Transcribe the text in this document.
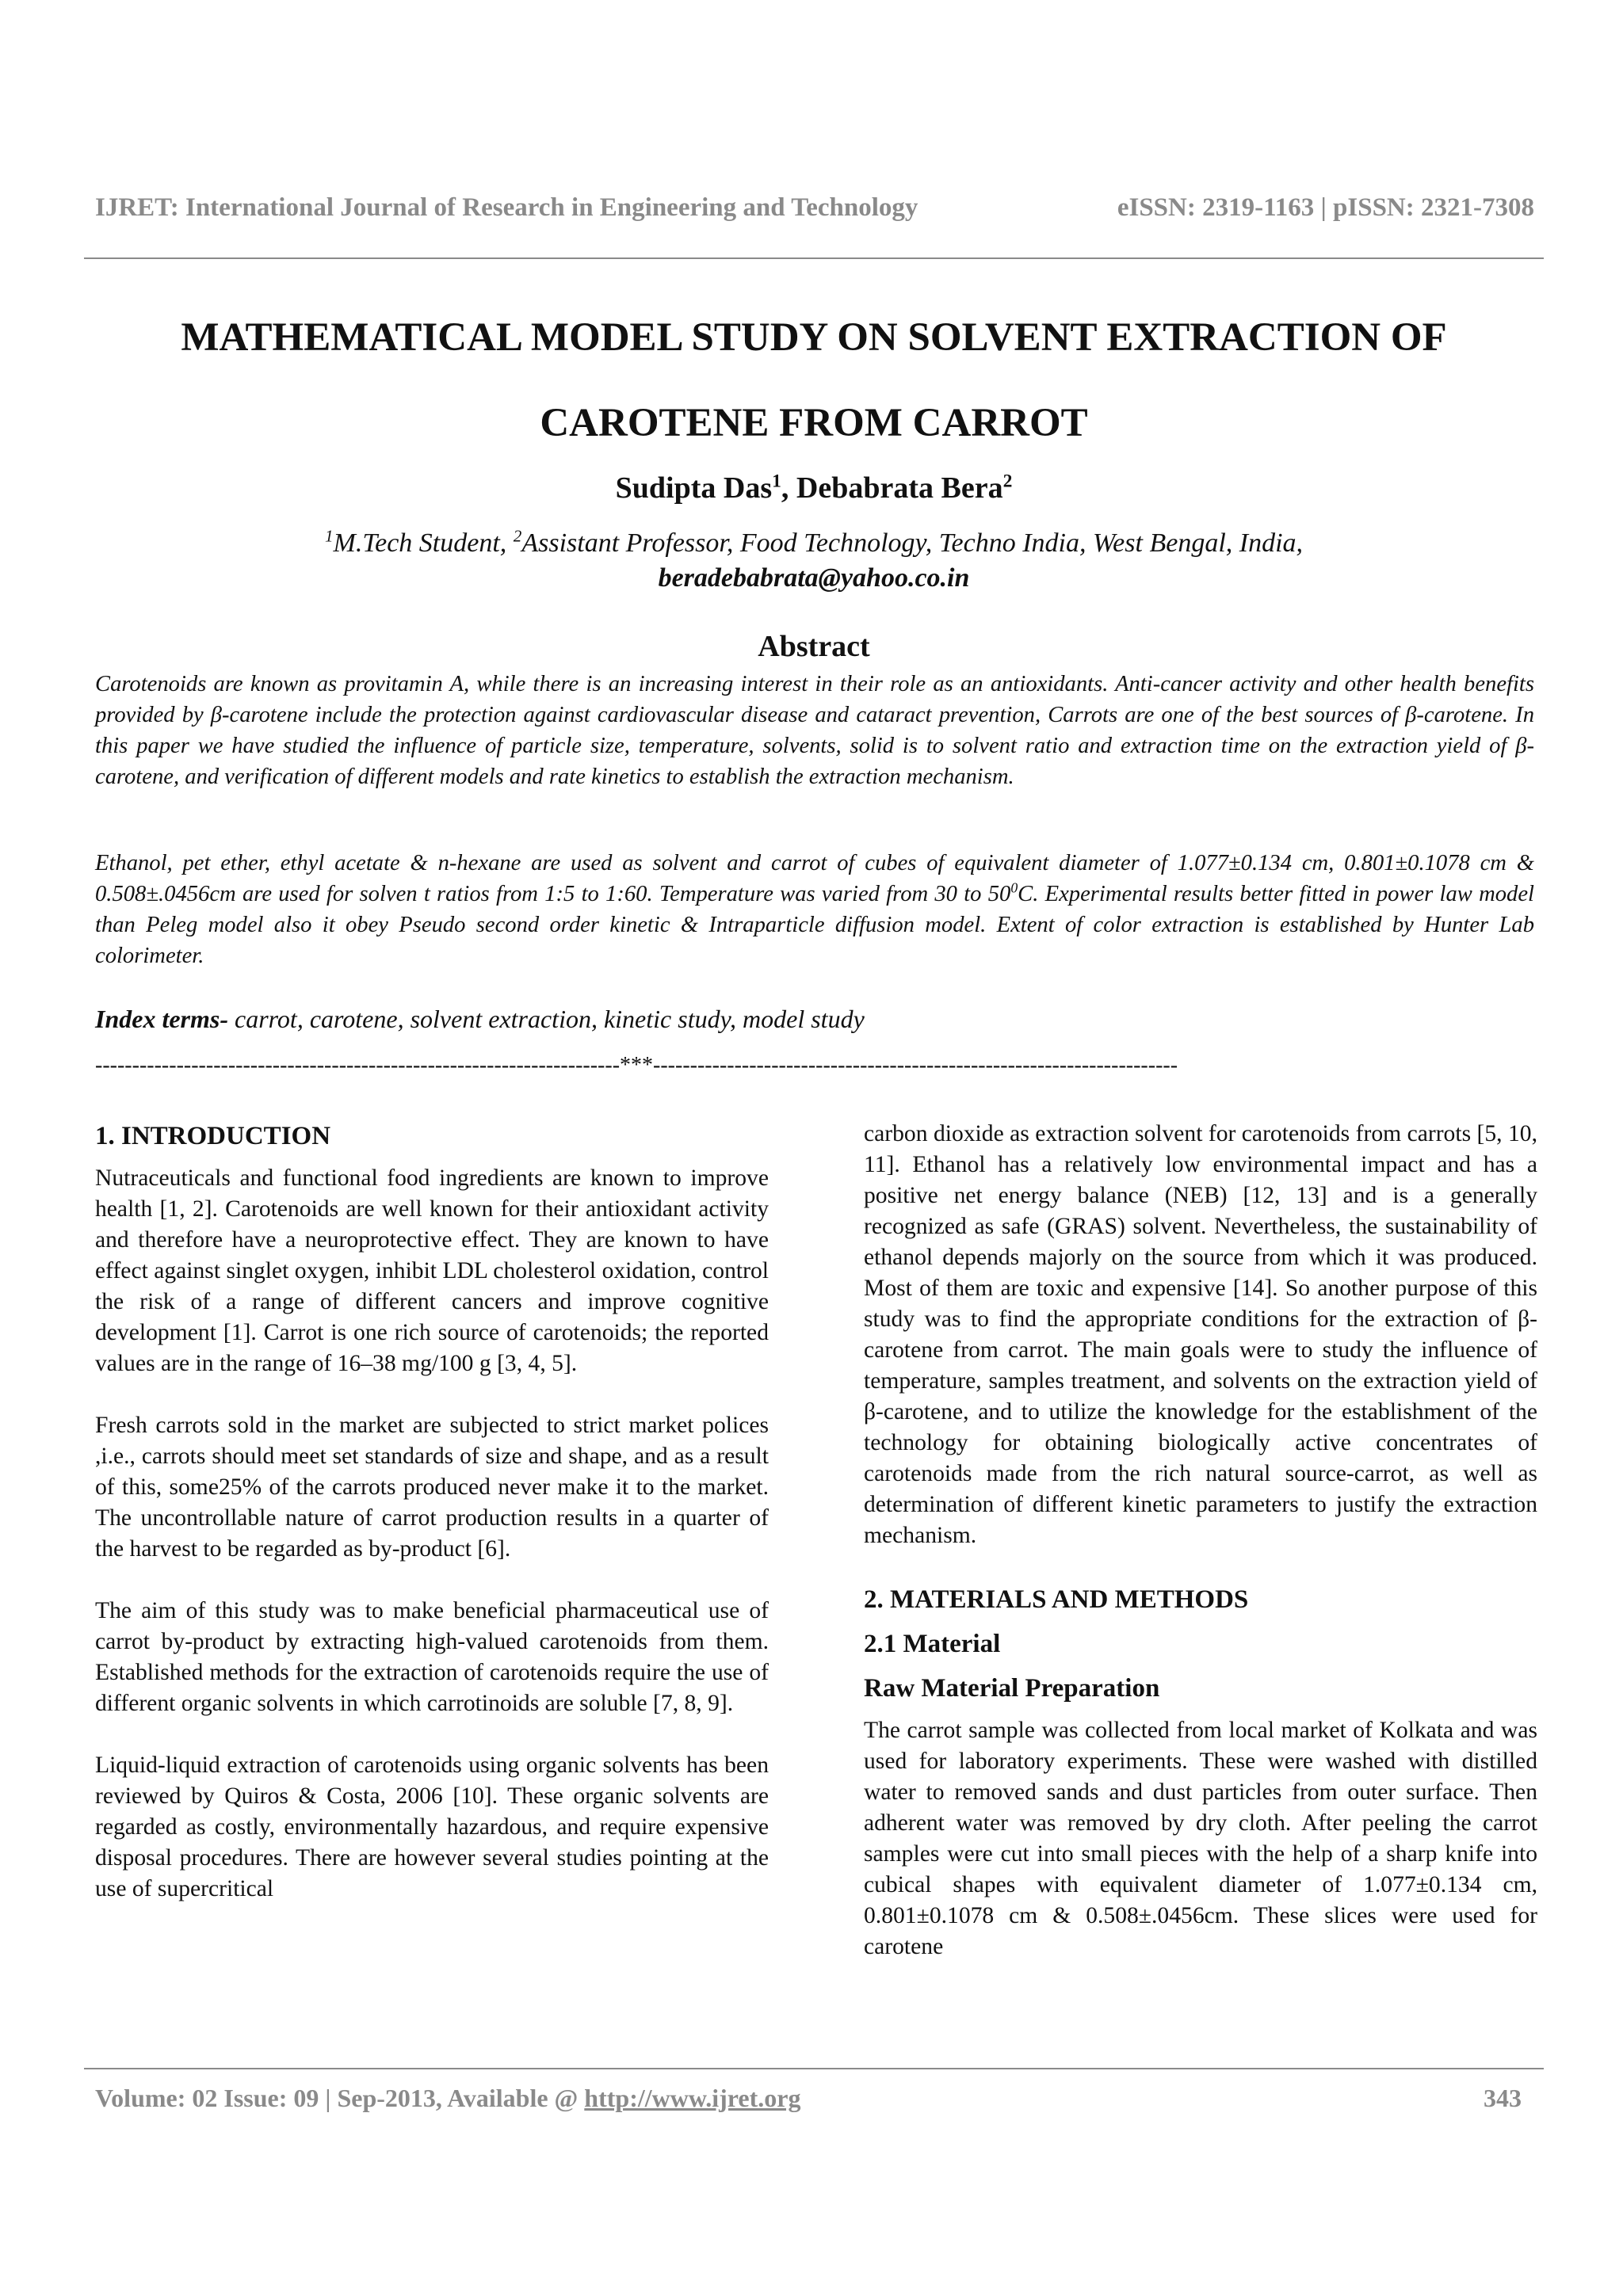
IJRET: International Journal of Research in Engineering and Technology	eISSN: 2319-1163 | pISSN: 2321-7308
MATHEMATICAL MODEL STUDY ON SOLVENT EXTRACTION OF
CAROTENE FROM CARROT
Sudipta Das$^1$, Debabrata Bera$^2$
$^1$M.Tech Student, $^2$Assistant Professor, Food Technology, Techno India, West Bengal, India,
beradebabrata@yahoo.co.in
Abstract

Carotenoids are known as provitamin A, while there is an increasing interest in their role as an antioxidants. Anti-cancer activity and other health benefits provided by β-carotene include the protection against cardiovascular disease and cataract prevention, Carrots are one of the best sources of β-carotene. In this paper we have studied the influence of particle size, temperature, solvents, solid is to solvent ratio and extraction time on the extraction yield of β-carotene, and verification of different models and rate kinetics to establish the extraction mechanism.

Ethanol, pet ether, ethyl acetate & n-hexane are used as solvent and carrot of cubes of equivalent diameter of 1.077±0.134 cm, 0.801±0.1078 cm & 0.508±.0456cm are used for solven t ratios from 1:5 to 1:60. Temperature was varied from 30 to $50^0C$. Experimental results better fitted in power law model than Peleg model also it obey Pseudo second order kinetic & Intraparticle diffusion model. Extent of color extraction is established by Hunter Lab colorimeter.

Index terms- carrot, carotene, solvent extraction, kinetic study, model study
-----------------------------------------------------------------------***-----------------------------------------------------------------------
1. INTRODUCTION

Nutraceuticals and functional food ingredients are known to improve health [1, 2]. Carotenoids are well known for their antioxidant activity and therefore have a neuroprotective effect. They are known to have effect against singlet oxygen, inhibit LDL cholesterol oxidation, control the risk of a range of different cancers and improve cognitive development [1]. Carrot is one rich source of carotenoids; the reported values are in the range of 16–38 mg/100 g [3, 4, 5].

Fresh carrots sold in the market are subjected to strict market polices ,i.e., carrots should meet set standards of size and shape, and as a result of this, some25% of the carrots produced never make it to the market. The uncontrollable nature of carrot production results in a quarter of the harvest to be regarded as by-product [6].

The aim of this study was to make beneficial pharmaceutical use of carrot by-product by extracting high-valued carotenoids from them. Established methods for the extraction of carotenoids require the use of different organic solvents in which carrotinoids are soluble [7, 8, 9].

Liquid-liquid extraction of carotenoids using organic solvents has been reviewed by Quiros & Costa, 2006 [10]. These organic solvents are regarded as costly, environmentally hazardous, and require expensive disposal procedures. There are however several studies pointing at the use of supercritical

carbon dioxide as extraction solvent for carotenoids from carrots [5, 10, 11]. Ethanol has a relatively low environmental impact and has a positive net energy balance (NEB) [12, 13] and is a generally recognized as safe (GRAS) solvent. Nevertheless, the sustainability of ethanol depends majorly on the source from which it was produced. Most of them are toxic and expensive [14]. So another purpose of this study was to find the appropriate conditions for the extraction of β-carotene from carrot. The main goals were to study the influence of temperature, samples treatment, and solvents on the extraction yield of β-carotene, and to utilize the knowledge for the establishment of the technology for obtaining biologically active concentrates of carotenoids made from the rich natural source-carrot, as well as determination of different kinetic parameters to justify the extraction mechanism.

2. MATERIALS AND METHODS
2.1 Material
Raw Material Preparation

The carrot sample was collected from local market of Kolkata and was used for laboratory experiments. These were washed with distilled water to removed sands and dust particles from outer surface. Then adherent water was removed by dry cloth. After peeling the carrot samples were cut into small pieces with the help of a sharp knife into cubical shapes with equivalent diameter of 1.077±0.134 cm, 0.801±0.1078 cm & 0.508±.0456cm. These slices were used for carotene

Volume: 02 Issue: 09 | Sep-2013, Available @ http://www.ijret.org	343
